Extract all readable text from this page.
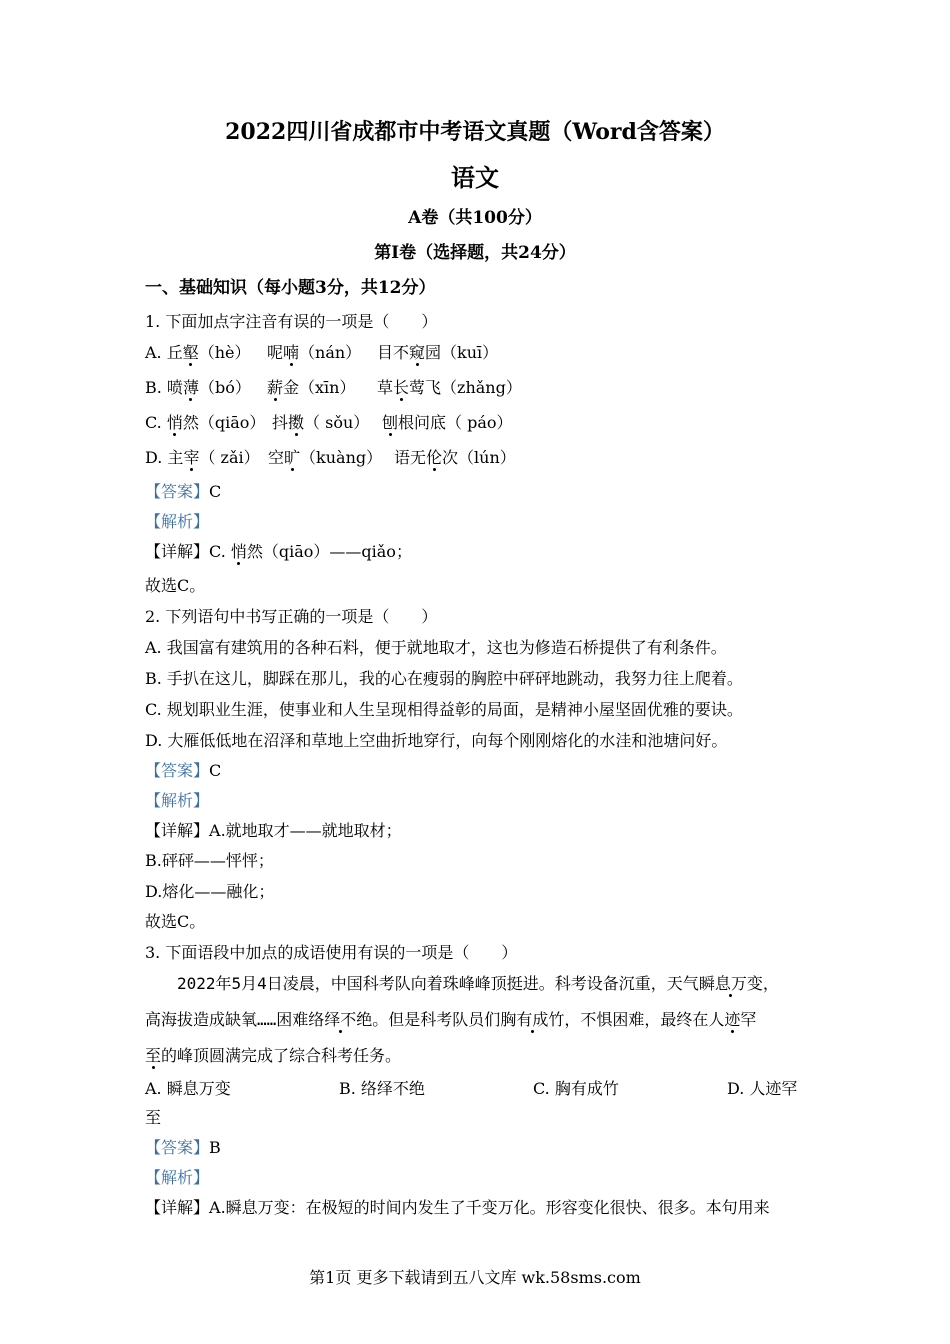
2022四川省成都市中考语文真题（Word含答案）
语文
A卷（共100分）
第Ⅰ卷（选择题，共24分）
一、基础知识（每小题3分，共12分）
1. 下面加点字注音有误的一项是（　　）
A. 丘壑（hè） 呢喃（nán） 目不窥园（kuī）
B. 喷薄（bó） 薪金（xīn） 草长莺飞（zhǎng）
C. 悄然（qiāo） 抖擞（ sǒu） 刨根问底（ páo）
D. 主宰（ zǎi） 空旷（kuàng） 语无伦次（lún）
【答案】C
【解析】
【详解】C. 悄然（qiāo）——qiǎo；
故选C。
2. 下列语句中书写正确的一项是（　　）
A. 我国富有建筑用的各种石料，便于就地取才，这也为修造石桥提供了有利条件。
B. 手扒在这儿，脚踩在那儿，我的心在瘦弱的胸腔中砰砰地跳动，我努力往上爬着。
C. 规划职业生涯，使事业和人生呈现相得益彰的局面，是精神小屋坚固优雅的要诀。
D. 大雁低低地在沼泽和草地上空曲折地穿行，向每个刚刚熔化的水洼和池塘问好。
【答案】C
【解析】
【详解】A.就地取才——就地取材；
B.砰砰——怦怦；
D.熔化——融化；
故选C。
3. 下面语段中加点的成语使用有误的一项是（　　）
2022年5月4日凌晨，中国科考队向着珠峰峰顶挺进。科考设备沉重，天气瞬息万变，
高海拔造成缺氧……困难络绎不绝。但是科考队员们胸有成竹，不惧困难，最终在人迹罕
至的峰顶圆满完成了综合科考任务。
A. 瞬息万变	B. 络绎不绝	C. 胸有成竹	D. 人迹罕
至
【答案】B
【解析】
【详解】A.瞬息万变：在极短的时间内发生了千变万化。形容变化很快、很多。本句用来
第1页 更多下载请到五八文库 wk.58sms.com
